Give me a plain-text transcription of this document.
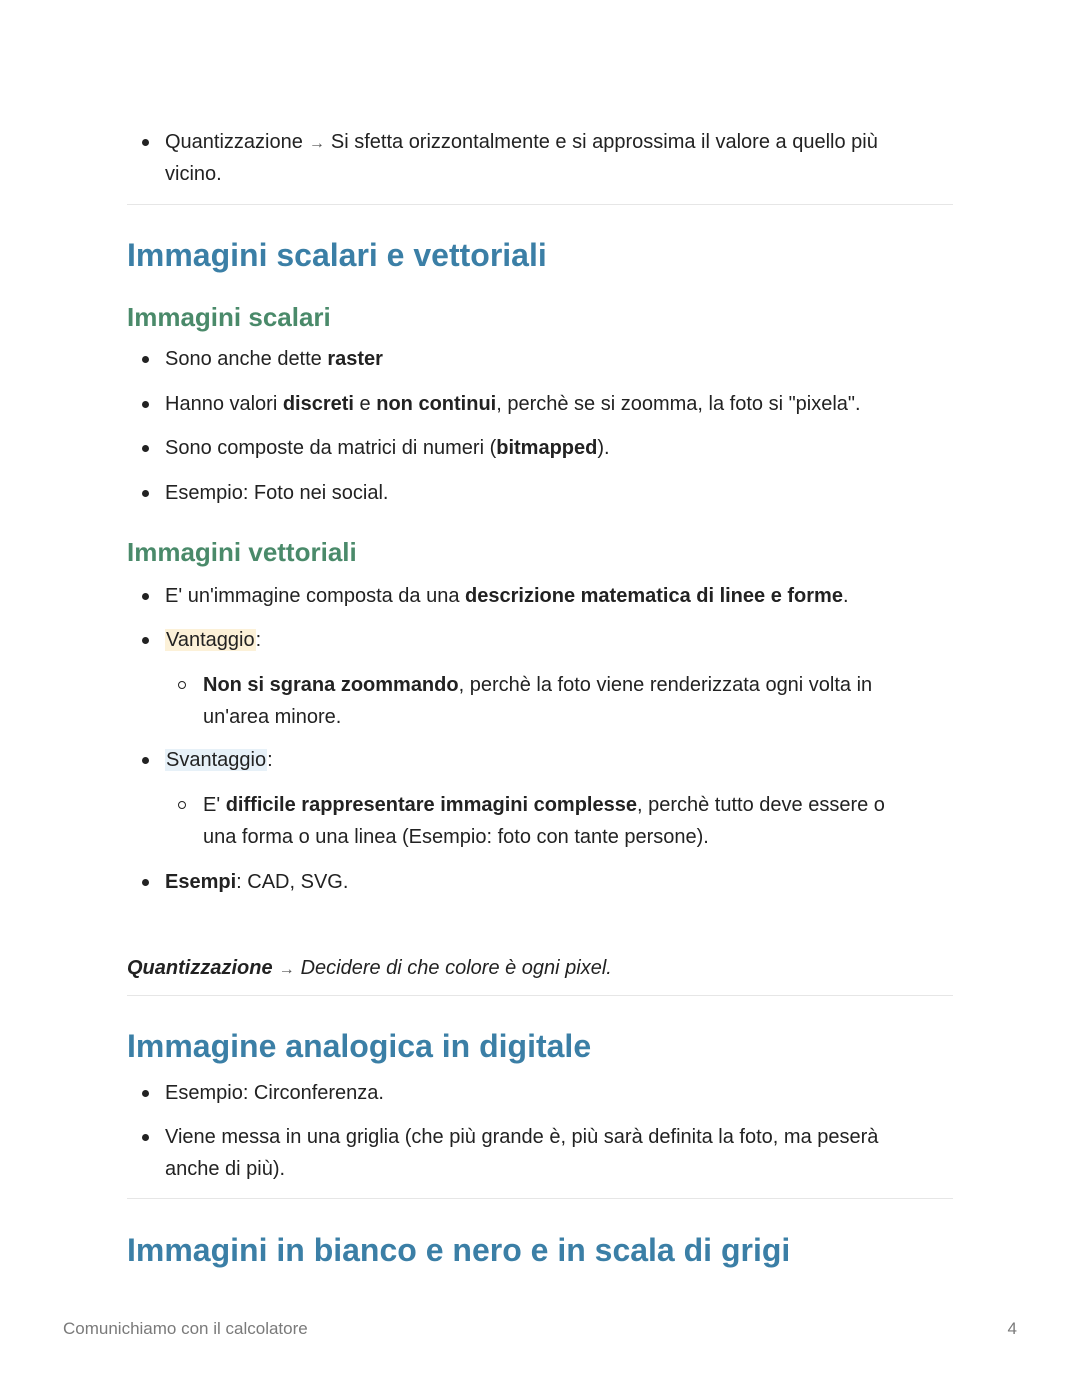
Quantizzazione → Si sfetta orizzontalmente e si approssima il valore a quello più
vicino.
Immagini scalari e vettoriali
Immagini scalari
Sono anche dette raster
Hanno valori discreti e non continui, perchè se si zoomma, la foto si "pixela".
Sono composte da matrici di numeri (bitmapped).
Esempio: Foto nei social.
Immagini vettoriali
E' un'immagine composta da una descrizione matematica di linee e forme.
Vantaggio:
Non si sgrana zoommando, perchè la foto viene renderizzata ogni volta in
un'area minore.
Svantaggio:
E' difficile rappresentare immagini complesse, perchè tutto deve essere o
una forma o una linea (Esempio: foto con tante persone).
Esempi: CAD, SVG.
Quantizzazione → Decidere di che colore è ogni pixel.
Immagine analogica in digitale
Esempio: Circonferenza.
Viene messa in una griglia (che più grande è, più sarà definita la foto, ma peserà
anche di più).
Immagini in bianco e nero e in scala di grigi
Comunichiamo con il calcolatore	4
